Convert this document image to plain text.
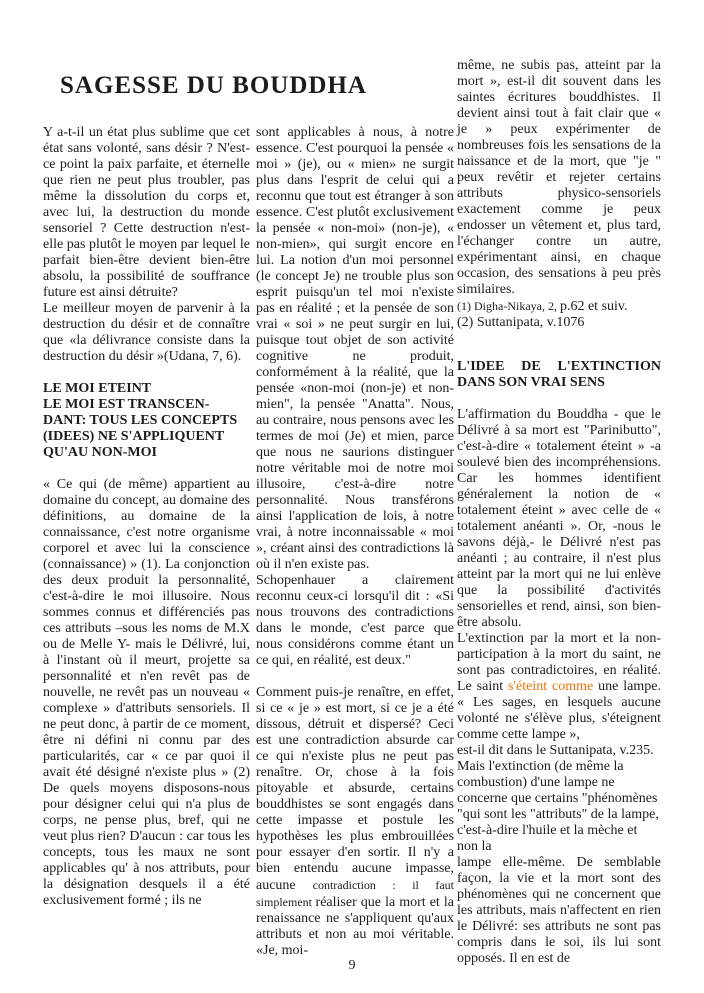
SAGESSE DU BOUDDHA

Y a-t-il un état plus sublime que cet état sans volonté, sans désir ? N'est-ce point la paix parfaite, et éternelle que rien ne peut plus troubler, pas même la dissolution du corps et, avec lui, la destruction du monde sensoriel ? Cette destruction n'est-elle pas plutôt le moyen par lequel le parfait bien-être devient bien-être absolu, la possibilité de souffrance future est ainsi détruite?

Le meilleur moyen de parvenir à la destruction du désir et de connaître que «la délivrance consiste dans la destruction du désir »(Udana, 7, 6).

LE MOI ETEINT
LE MOI EST TRANSCEN-DANT: TOUS LES CONCEPTS (IDEES) NE S'APPLIQUENT QU'AU NON-MOI

« Ce qui (de même) appartient au domaine du concept, au domaine des définitions, au domaine de la connaissance, c'est notre organisme corporel et avec lui la conscience (connaissance) » (1). La conjonction des deux produit la personnalité, c'est-à-dire le moi illusoire. Nous sommes connus et différenciés pas ces attributs –sous les noms de M.X ou de Melle Y- mais le Délivré, lui, à l'instant où il meurt, projette sa personnalité et n'en revêt pas de nouvelle, ne revêt pas un nouveau « complexe » d'attributs sensoriels. Il ne peut donc, à partir de ce moment, être ni défini ni connu par des particularités, car « ce par quoi il avait été désigné n'existe plus » (2) De quels moyens disposons-nous pour désigner celui qui n'a plus de corps, ne pense plus, bref, qui ne veut plus rien? D'aucun : car tous les concepts, tous les maux ne sont applicables qu' à nos attributs, pour la désignation desquels il a été exclusivement formé ; ils ne

sont applicables à nous, à notre essence. C'est pourquoi la pensée « moi » (je), ou « mien» ne surgit plus dans l'esprit de celui qui a reconnu que tout est étranger à son essence. C'est plutôt exclusivement la pensée « non-moi» (non-je), « non-mien», qui surgit encore en lui. La notion d'un moi personnel (le concept Je) ne trouble plus son esprit puisqu'un tel moi n'existe pas en réalité ; et la pensée de son vrai « soi » ne peut surgir en lui, puisque tout objet de son activité cognitive ne produit, conformément à la réalité, que la pensée «non-moi (non-je) et non-mien", la pensée "Anatta". Nous, au contraire, nous pensons avec les termes de moi (Je) et mien, parce que nous ne saurions distinguer notre véritable moi de notre moi illusoire, c'est-à-dire notre personnalité. Nous transférons ainsi l'application de lois, à notre vrai, à notre inconnaissable « moi », créant ainsi des contradictions là où il n'en existe pas.

Schopenhauer a clairement reconnu ceux-ci lorsqu'il dit : «Si nous trouvons des contradictions dans le monde, c'est parce que nous considérons comme étant un ce qui, en réalité, est deux."

Comment puis-je renaître, en effet, si ce « je » est mort, si ce je a été dissous, détruit et dispersé? Ceci est une contradiction absurde car ce qui n'existe plus ne peut pas renaître. Or, chose à la fois pitoyable et absurde, certains bouddhistes se sont engagés dans cette impasse et postule les hypothèses les plus embrouillées pour essayer d'en sortir. Il n'y a bien entendu aucune impasse, aucune contradiction : il faut simplement réaliser que la mort et la renaissance ne s'appliquent qu'aux attributs et non au moi véritable. «Je, moi-

même, ne subis pas, atteint par la mort », est-il dit souvent dans les saintes écritures bouddhistes. Il devient ainsi tout à fait clair que « je » peux expérimenter de nombreuses fois les sensations de la naissance et de la mort, que "je " peux revêtir et rejeter certains attributs physico-sensoriels exactement comme je peux endosser un vêtement et, plus tard, l'échanger contre un autre, expérimentant ainsi, en chaque occasion, des sensations à peu près similaires.

(1) Digha-Nikaya, 2, p.62 et suiv.

(2) Suttanipata, v.1076

L'IDEE DE L'EXTINCTION DANS SON VRAI SENS

L'affirmation du Bouddha - que le Délivré à sa mort est "Parinibutto", c'est-à-dire « totalement éteint » -a soulevé bien des incompréhensions. Car les hommes identifient généralement la notion de « totalement éteint » avec celle de « totalement anéanti ». Or, -nous le savons déjà,- le Délivré n'est pas anéanti ; au contraire, il n'est plus atteint par la mort qui ne lui enlève que la possibilité d'activités sensorielles et rend, ainsi, son bien-être absolu.

L'extinction par la mort et la non-participation à la mort du saint, ne sont pas contradictoires, en réalité. Le saint s'éteint comme une lampe. « Les sages, en lesquels aucune volonté ne s'élève plus, s'éteignent comme cette lampe »,

est-il dit dans le Suttanipata, v.235. Mais l'extinction (de même la combustion) d'une lampe ne concerne que certains "phénomènes "qui sont les "attributs" de la lampe, c'est-à-dire l'huile et la mèche et non la

lampe elle-même. De semblable façon, la vie et la mort sont des phénomènes qui ne concernent que les attributs, mais n'affectent en rien le Délivré: ses attributs ne sont pas compris dans le soi, ils lui sont opposés. Il en est de

9
